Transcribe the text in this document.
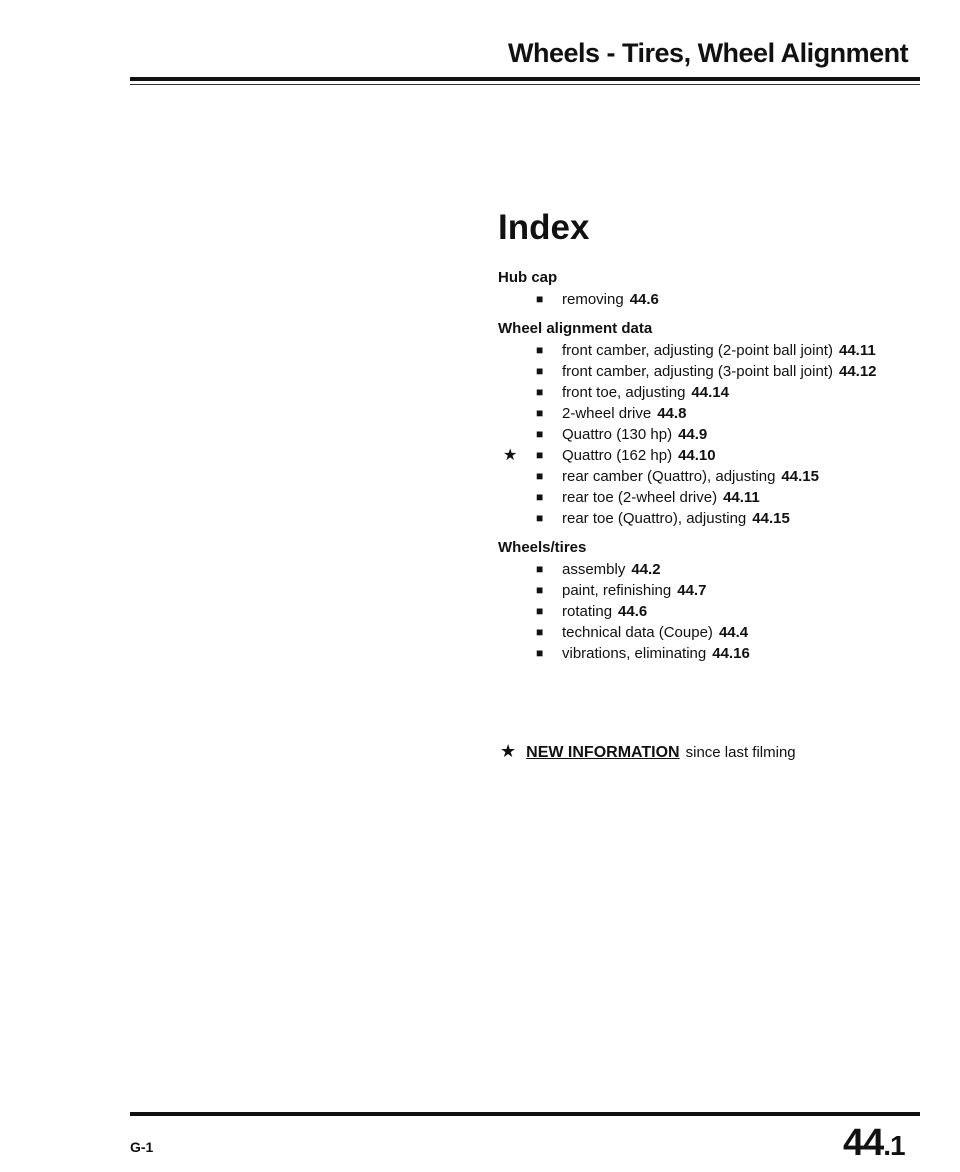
Wheels - Tires, Wheel Alignment
Index
Hub cap
■ removing 44.6
Wheel alignment data
■ front camber, adjusting (2-point ball joint) 44.11
■ front camber, adjusting (3-point ball joint) 44.12
■ front toe, adjusting 44.14
■ 2-wheel drive 44.8
■ Quattro (130 hp) 44.9
★ ■ Quattro (162 hp) 44.10
■ rear camber (Quattro), adjusting 44.15
■ rear toe (2-wheel drive) 44.11
■ rear toe (Quattro), adjusting 44.15
Wheels/tires
■ assembly 44.2
■ paint, refinishing 44.7
■ rotating 44.6
■ technical data (Coupe) 44.4
■ vibrations, eliminating 44.16
★ NEW INFORMATION since last filming
G-1	44.1
